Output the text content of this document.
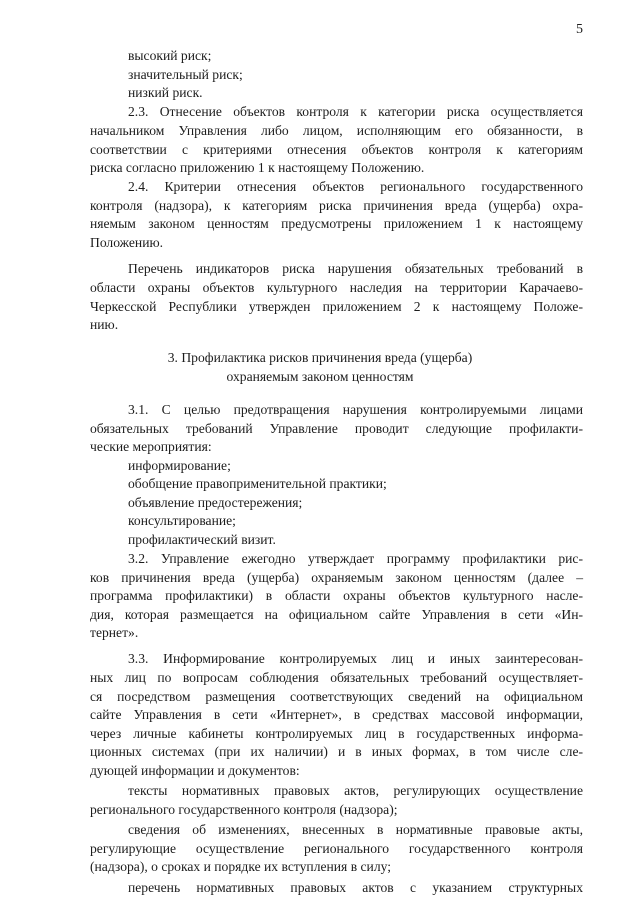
5
высокий риск;
значительный риск;
низкий риск.
2.3. Отнесение объектов контроля к категории риска осуществляется
начальником Управления либо лицом, исполняющим его обязанности, в
соответствии с критериями отнесения объектов контроля к категориям
риска согласно приложению 1 к настоящему Положению.
2.4. Критерии отнесения объектов регионального государственного
контроля (надзора), к категориям риска причинения вреда (ущерба) охра-
няемым законом ценностям предусмотрены приложением 1 к настоящему
Положению.
Перечень индикаторов риска нарушения обязательных требований в
области охраны объектов культурного наследия на территории Карачаево-
Черкесской Республики утвержден приложением 2 к настоящему Положе-
нию.
3. Профилактика рисков причинения вреда (ущерба)
охраняемым законом ценностям
3.1. С целью предотвращения нарушения контролируемыми лицами
обязательных требований Управление проводит следующие профилакти-
ческие мероприятия:
информирование;
обобщение правоприменительной практики;
объявление предостережения;
консультирование;
профилактический визит.
3.2. Управление ежегодно утверждает программу профилактики рис-
ков причинения вреда (ущерба) охраняемым законом ценностям (далее –
программа профилактики) в области охраны объектов культурного насле-
дия, которая размещается на официальном сайте Управления в сети «Ин-
тернет».
3.3. Информирование контролируемых лиц и иных заинтересован-
ных лиц по вопросам соблюдения обязательных требований осуществляет-
ся посредством размещения соответствующих сведений на официальном
сайте Управления в сети «Интернет», в средствах массовой информации,
через личные кабинеты контролируемых лиц в государственных информа-
ционных системах (при их наличии) и в иных формах, в том числе сле-
дующей информации и документов:
тексты нормативных правовых актов, регулирующих осуществление
регионального государственного контроля (надзора);
сведения об изменениях, внесенных в нормативные правовые акты,
регулирующие осуществление регионального государственного контроля
(надзора), о сроках и порядке их вступления в силу;
перечень нормативных правовых актов с указанием структурных
